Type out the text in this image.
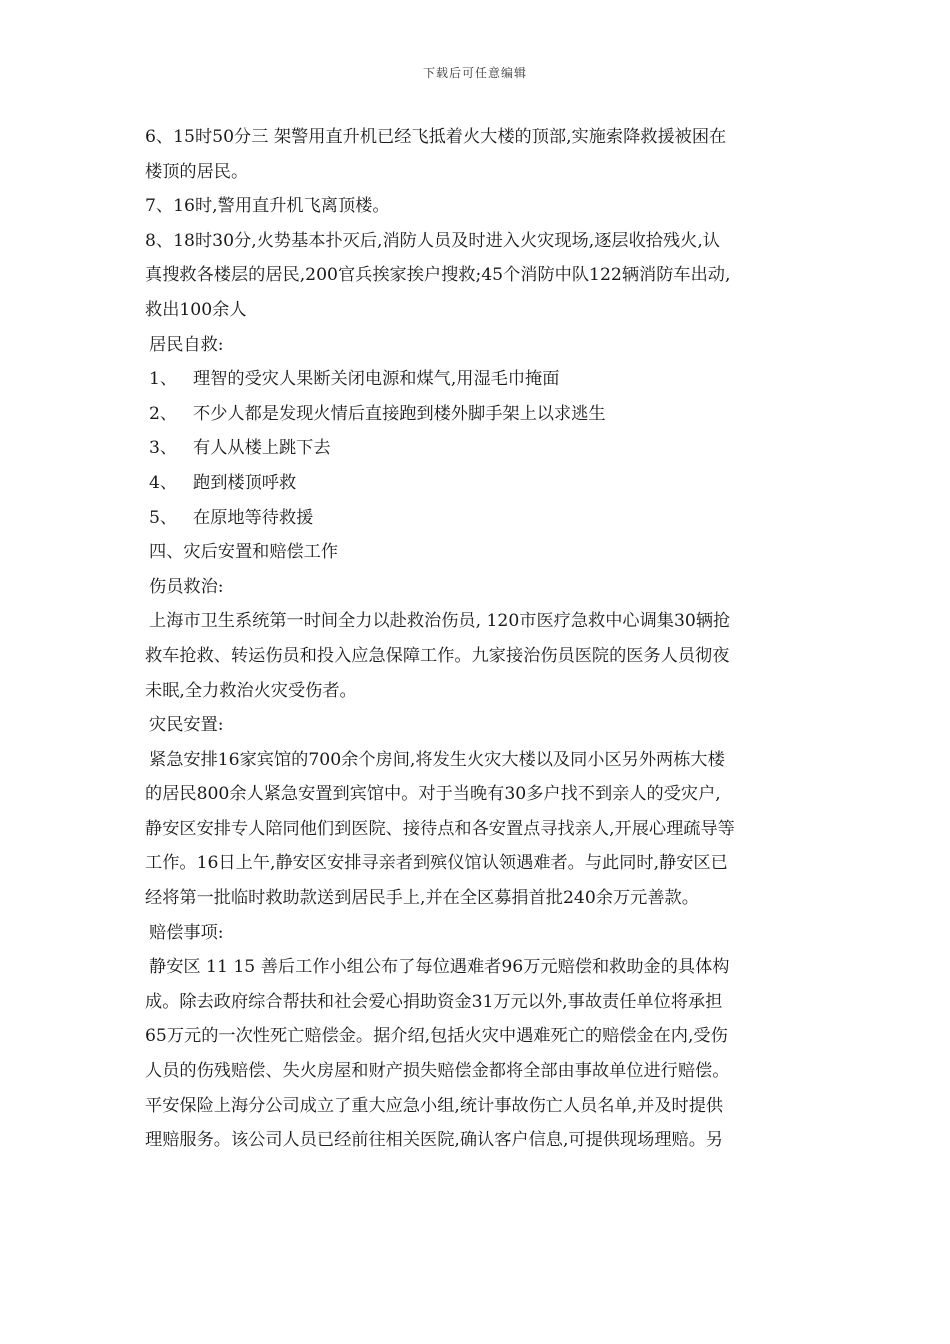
下载后可任意编辑
6、15时50分三 架警用直升机已经飞抵着火大楼的顶部,实施索降救援被困在
楼顶的居民。
7、16时,警用直升机飞离顶楼。
8、18时30分,火势基本扑灭后,消防人员及时进入火灾现场,逐层收拾残火,认
真搜救各楼层的居民,200官兵挨家挨户搜救;45个消防中队122辆消防车出动,
救出100余人
居民自救:
1、 理智的受灾人果断关闭电源和煤气,用湿毛巾掩面
2、 不少人都是发现火情后直接跑到楼外脚手架上以求逃生
3、 有人从楼上跳下去
4、 跑到楼顶呼救
5、 在原地等待救援
四、灾后安置和赔偿工作
伤员救治:
上海市卫生系统第一时间全力以赴救治伤员, 120市医疗急救中心调集30辆抢
救车抢救、转运伤员和投入应急保障工作。九家接治伤员医院的医务人员彻夜
未眠,全力救治火灾受伤者。
灾民安置:
紧急安排16家宾馆的700余个房间,将发生火灾大楼以及同小区另外两栋大楼
的居民800余人紧急安置到宾馆中。对于当晚有30多户找不到亲人的受灾户,
静安区安排专人陪同他们到医院、接待点和各安置点寻找亲人,开展心理疏导等
工作。16日上午,静安区安排寻亲者到殡仪馆认领遇难者。与此同时,静安区已
经将第一批临时救助款送到居民手上,并在全区募捐首批240余万元善款。
赔偿事项:
静安区 11 15 善后工作小组公布了每位遇难者96万元赔偿和救助金的具体构
成。除去政府综合帮扶和社会爱心捐助资金31万元以外,事故责任单位将承担
65万元的一次性死亡赔偿金。据介绍,包括火灾中遇难死亡的赔偿金在内,受伤
人员的伤残赔偿、失火房屋和财产损失赔偿金都将全部由事故单位进行赔偿。
平安保险上海分公司成立了重大应急小组,统计事故伤亡人员名单,并及时提供
理赔服务。该公司人员已经前往相关医院,确认客户信息,可提供现场理赔。另
